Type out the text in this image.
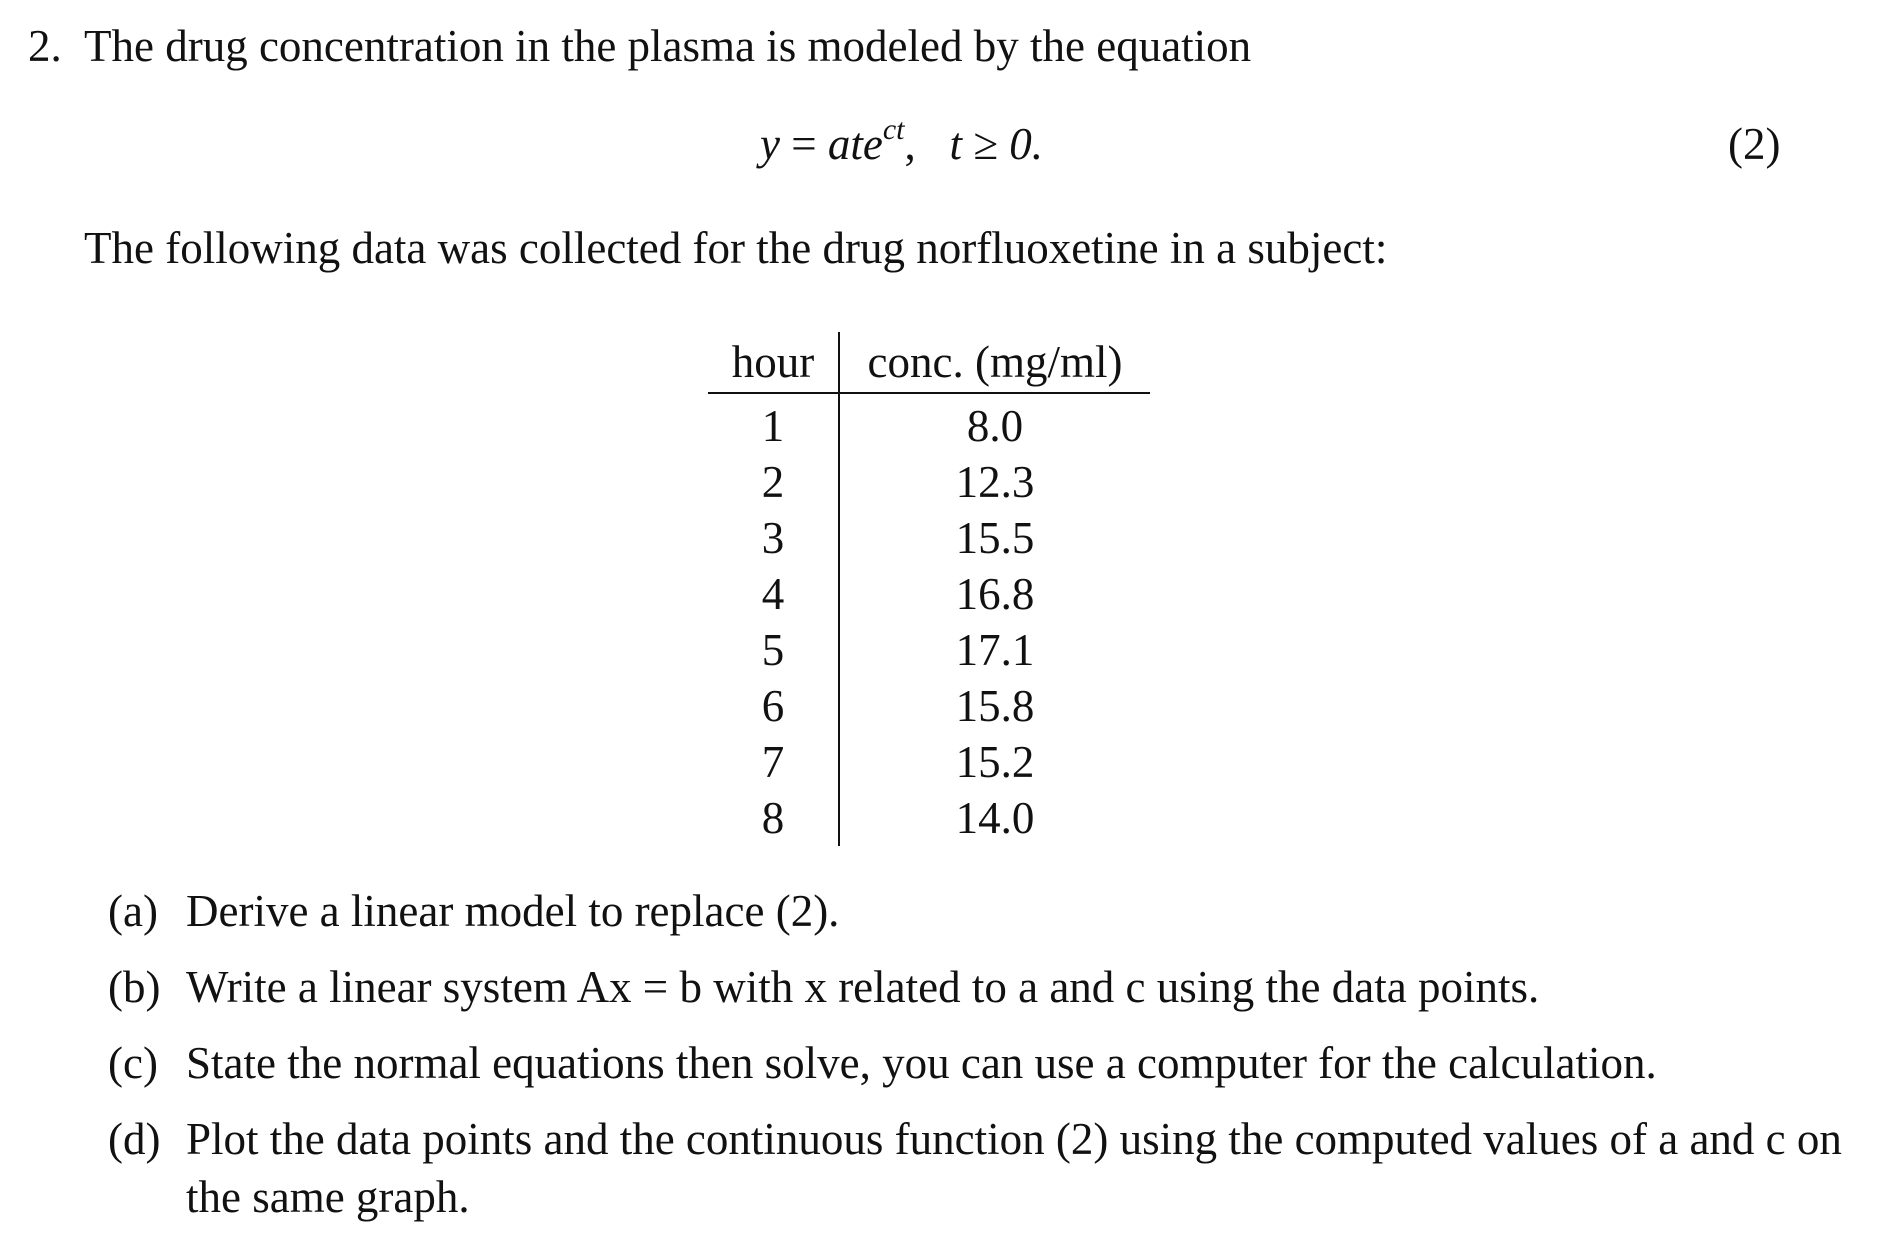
2. The drug concentration in the plasma is modeled by the equation
y = ate$^{ct}$, t ≥ 0.	(2)
The following data was collected for the drug norfluoxetine in a subject:
hour	conc. (mg/ml)
1	8.0
2	12.3
3	15.5
4	16.8
5	17.1
6	15.8
7	15.2
8	14.0
(a) Derive a linear model to replace (2).
(b) Write a linear system Ax = b with x related to a and c using the data points.
(c) State the normal equations then solve, you can use a computer for the calculation.
(d) Plot the data points and the continuous function (2) using the computed values of a and c on the same graph.
